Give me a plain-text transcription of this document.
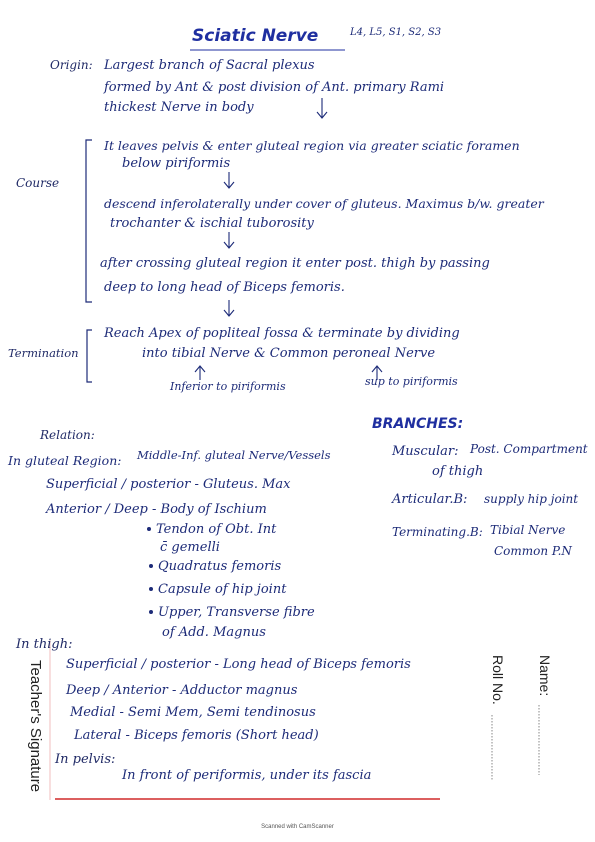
Sciatic Nerve	L4, L5, S1, S2, S3
Origin: Largest branch of Sacral plexus
formed by Ant & post division of Ant. primary Rami
thickest Nerve in body
Course
It leaves pelvis & enter gluteal region via greater sciatic foramen
below piriformis
descend inferolaterally under cover of gluteus. Maximus b/w. greater
trochanter & ischial tuborosity
after crossing gluteal region it enter post. thigh by passing
deep to long head of Biceps femoris.
Termination
Reach Apex of popliteal fossa & terminate by dividing
into tibial Nerve & Common peroneal Nerve
Inferior to piriformis	sup to piriformis
Relation:
In gluteal Region: Middle-Inf. gluteal Nerve/Vessels
Superficial / posterior - Gluteus. Max
Anterior / Deep - Body of Ischium
Tendon of Obt. Int
c̄ gemelli
Quadratus femoris
Capsule of hip joint
Upper, Transverse fibre
of Add. Magnus
BRANCHES:
Muscular: Post. Compartment
of thigh
Articular.B: supply hip joint
Terminating.B: Tibial Nerve
Common P.N
In thigh:
Superficial / posterior - Long head of Biceps femoris
Deep / Anterior - Adductor magnus
Medial - Semi Mem, Semi tendinosus
Lateral - Biceps femoris (Short head)
In pelvis:
In front of periformis, under its fascia
Teacher's Signature	Roll No. Name:
Scanned with CamScanner
